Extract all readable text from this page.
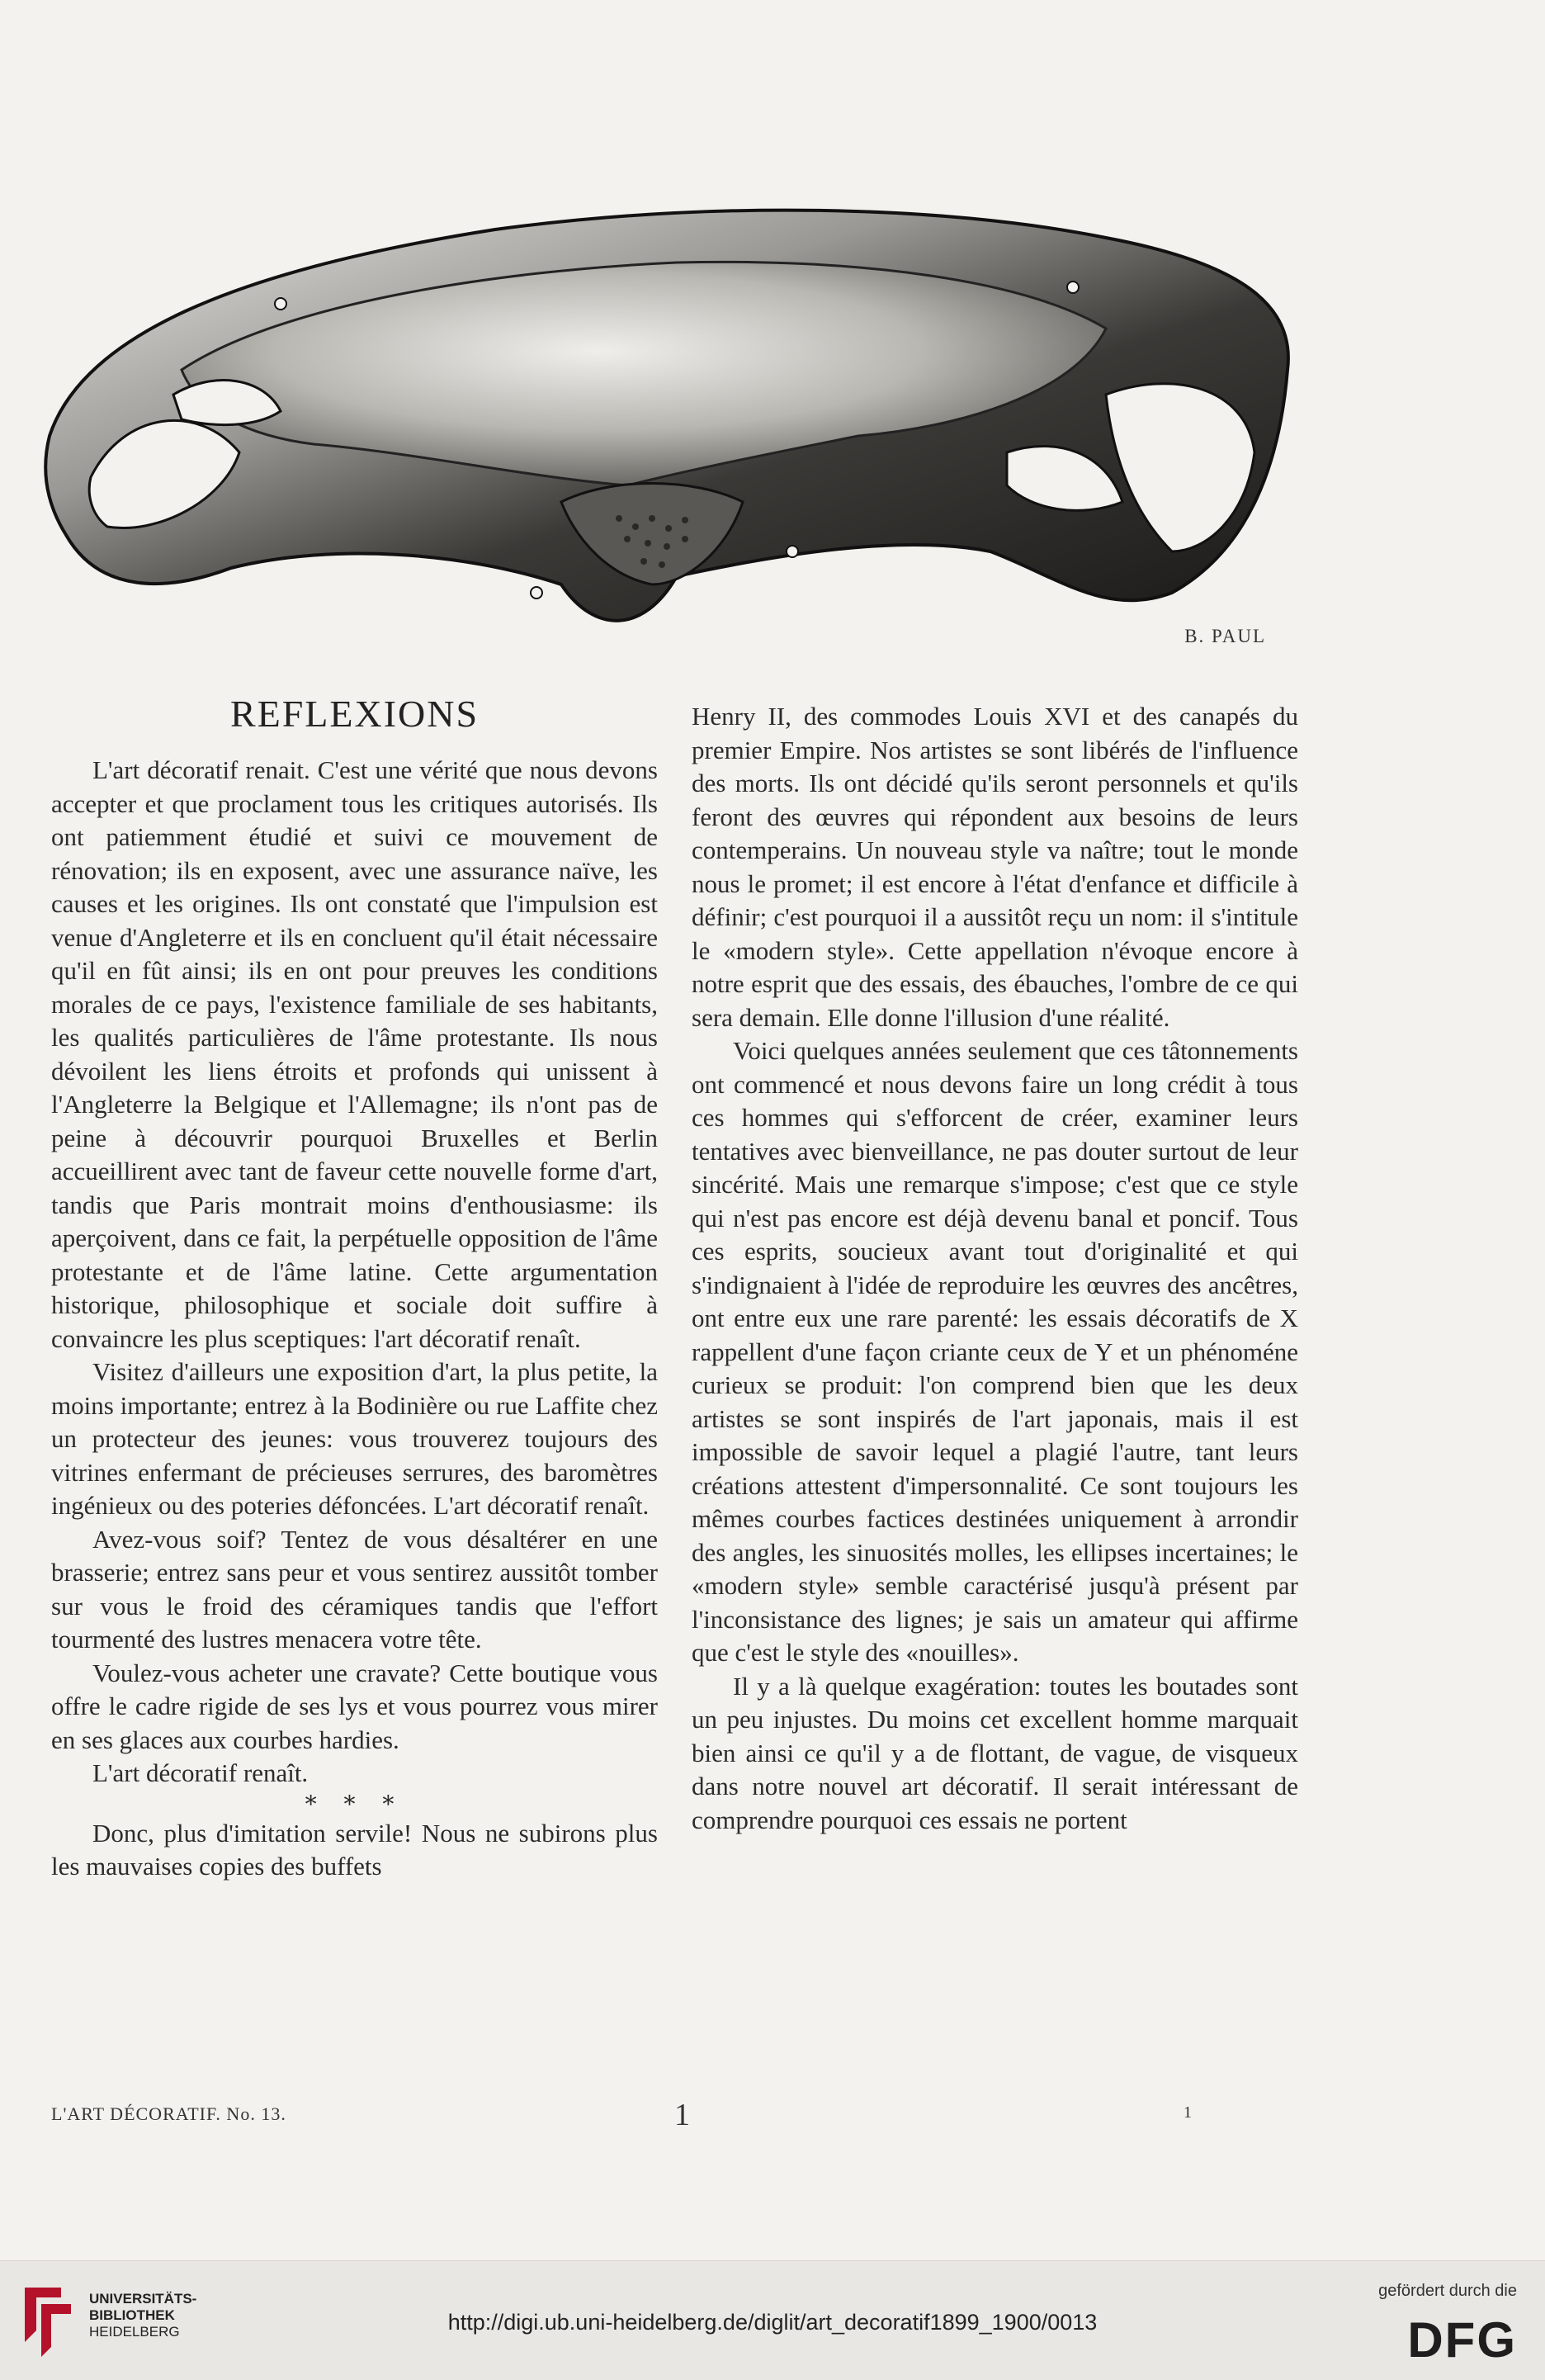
B. PAUL
REFLEXIONS

L'art décoratif renait. C'est une vérité que nous devons accepter et que proclament tous les critiques autorisés. Ils ont patiemment étudié et suivi ce mouvement de rénovation; ils en exposent, avec une assurance naïve, les causes et les origines. Ils ont constaté que l'impulsion est venue d'Angleterre et ils en concluent qu'il était nécessaire qu'il en fût ainsi; ils en ont pour preuves les conditions morales de ce pays, l'existence familiale de ses habitants, les qualités particulières de l'âme protestante. Ils nous dévoilent les liens étroits et profonds qui unissent à l'Angleterre la Belgique et l'Allemagne; ils n'ont pas de peine à découvrir pourquoi Bruxelles et Berlin accueillirent avec tant de faveur cette nouvelle forme d'art, tandis que Paris montrait moins d'enthousiasme: ils aperçoivent, dans ce fait, la perpétuelle opposition de l'âme protestante et de l'âme latine. Cette argumentation historique, philosophique et sociale doit suffire à convaincre les plus sceptiques: l'art décoratif renaît.

Visitez d'ailleurs une exposition d'art, la plus petite, la moins importante; entrez à la Bodinière ou rue Laffite chez un protecteur des jeunes: vous trouverez toujours des vitrines enfermant de précieuses serrures, des baromètres ingénieux ou des poteries défoncées. L'art décoratif renaît.

Avez-vous soif? Tentez de vous désaltérer en une brasserie; entrez sans peur et vous sentirez aussitôt tomber sur vous le froid des céramiques tandis que l'effort tourmenté des lustres menacera votre tête.

Voulez-vous acheter une cravate? Cette boutique vous offre le cadre rigide de ses lys et vous pourrez vous mirer en ses glaces aux courbes hardies.

L'art décoratif renaît.

* * *

Donc, plus d'imitation servile! Nous ne subirons plus les mauvaises copies des buffets

Henry II, des commodes Louis XVI et des canapés du premier Empire. Nos artistes se sont libérés de l'influence des morts. Ils ont décidé qu'ils seront personnels et qu'ils feront des œuvres qui répondent aux besoins de leurs contemperains. Un nouveau style va naître; tout le monde nous le promet; il est encore à l'état d'enfance et difficile à définir; c'est pourquoi il a aussitôt reçu un nom: il s'intitule le «modern style». Cette appellation n'évoque encore à notre esprit que des essais, des ébauches, l'ombre de ce qui sera demain. Elle donne l'illusion d'une réalité.

Voici quelques années seulement que ces tâtonnements ont commencé et nous devons faire un long crédit à tous ces hommes qui s'efforcent de créer, examiner leurs tentatives avec bienveillance, ne pas douter surtout de leur sincérité. Mais une remarque s'impose; c'est que ce style qui n'est pas encore est déjà devenu banal et poncif. Tous ces esprits, soucieux avant tout d'originalité et qui s'indignaient à l'idée de reproduire les œuvres des ancêtres, ont entre eux une rare parenté: les essais décoratifs de X rappellent d'une façon criante ceux de Y et un phénoméne curieux se produit: l'on comprend bien que les deux artistes se sont inspirés de l'art japonais, mais il est impossible de savoir lequel a plagié l'autre, tant leurs créations attestent d'impersonnalité. Ce sont toujours les mêmes courbes factices destinées uniquement à arrondir des angles, les sinuosités molles, les ellipses incertaines; le «modern style» semble caractérisé jusqu'à présent par l'inconsistance des lignes; je sais un amateur qui affirme que c'est le style des «nouilles».

Il y a là quelque exagération: toutes les boutades sont un peu injustes. Du moins cet excellent homme marquait bien ainsi ce qu'il y a de flottant, de vague, de visqueux dans notre nouvel art décoratif. Il serait intéressant de comprendre pourquoi ces essais ne portent

L'ART DÉCORATIF. No. 13.	1	1
UNIVERSITÄTS-
BIBLIOTHEK
HEIDELBERG	http://digi.ub.uni-heidelberg.de/diglit/art_decoratif1899_1900/0013
gefördert durch die
DFG
